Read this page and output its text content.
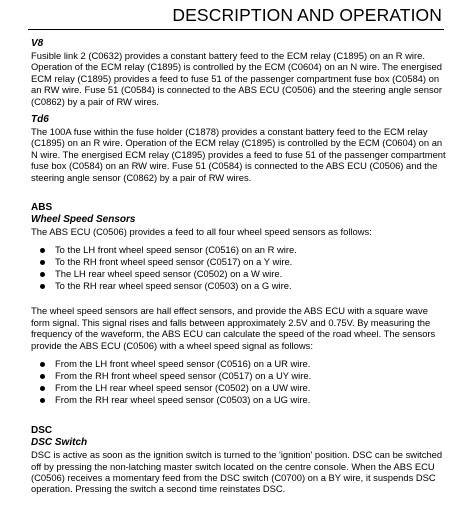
DESCRIPTION AND OPERATION
V8

Fusible link 2 (C0632) provides a constant battery feed to the ECM relay (C1895) on an R wire. Operation of the ECM relay (C1895) is controlled by the ECM (C0604) on an N wire. The energised ECM relay (C1895) provides a feed to fuse 51 of the passenger compartment fuse box (C0584) on an RW wire. Fuse 51 (C0584) is connected to the ABS ECU (C0506) and the steering angle sensor (C0862) by a pair of RW wires.

Td6

The 100A fuse within the fuse holder (C1878) provides a constant battery feed to the ECM relay (C1895) on an R wire. Operation of the ECM relay (C1895) is controlled by the ECM (C0604) on an N wire. The energised ECM relay (C1895) provides a feed to fuse 51 of the passenger compartment fuse box (C0584) on an RW wire. Fuse 51 (C0584) is connected to the ABS ECU (C0506) and the steering angle sensor (C0862) by a pair of RW wires.

ABS
Wheel Speed Sensors

The ABS ECU (C0506) provides a feed to all four wheel speed sensors as follows:

To the LH front wheel speed sensor (C0516) on an R wire.
To the RH front wheel speed sensor (C0517) on a Y wire.
The LH rear wheel speed sensor (C0502) on a W wire.
To the RH rear wheel speed sensor (C0503) on a G wire.

The wheel speed sensors are hall effect sensors, and provide the ABS ECU with a square wave form signal. This signal rises and falls between approximately 2.5V and 0.75V. By measuring the frequency of the waveform, the ABS ECU can calculate the speed of the road wheel. The sensors provide the ABS ECU (C0506) with a wheel speed signal as follows:

From the LH front wheel speed sensor (C0516) on a UR wire.
From the RH front wheel speed sensor (C0517) on a UY wire.
From the LH rear wheel speed sensor (C0502) on a UW wire.
From the RH rear wheel speed sensor (C0503) on a UG wire.
DSC
DSC Switch

DSC is active as soon as the ignition switch is turned to the 'ignition' position. DSC can be switched off by pressing the non-latching master switch located on the centre console. When the ABS ECU (C0506) receives a momentary feed from the DSC switch (C0700) on a BY wire, it suspends DSC operation. Pressing the switch a second time reinstates DSC.
